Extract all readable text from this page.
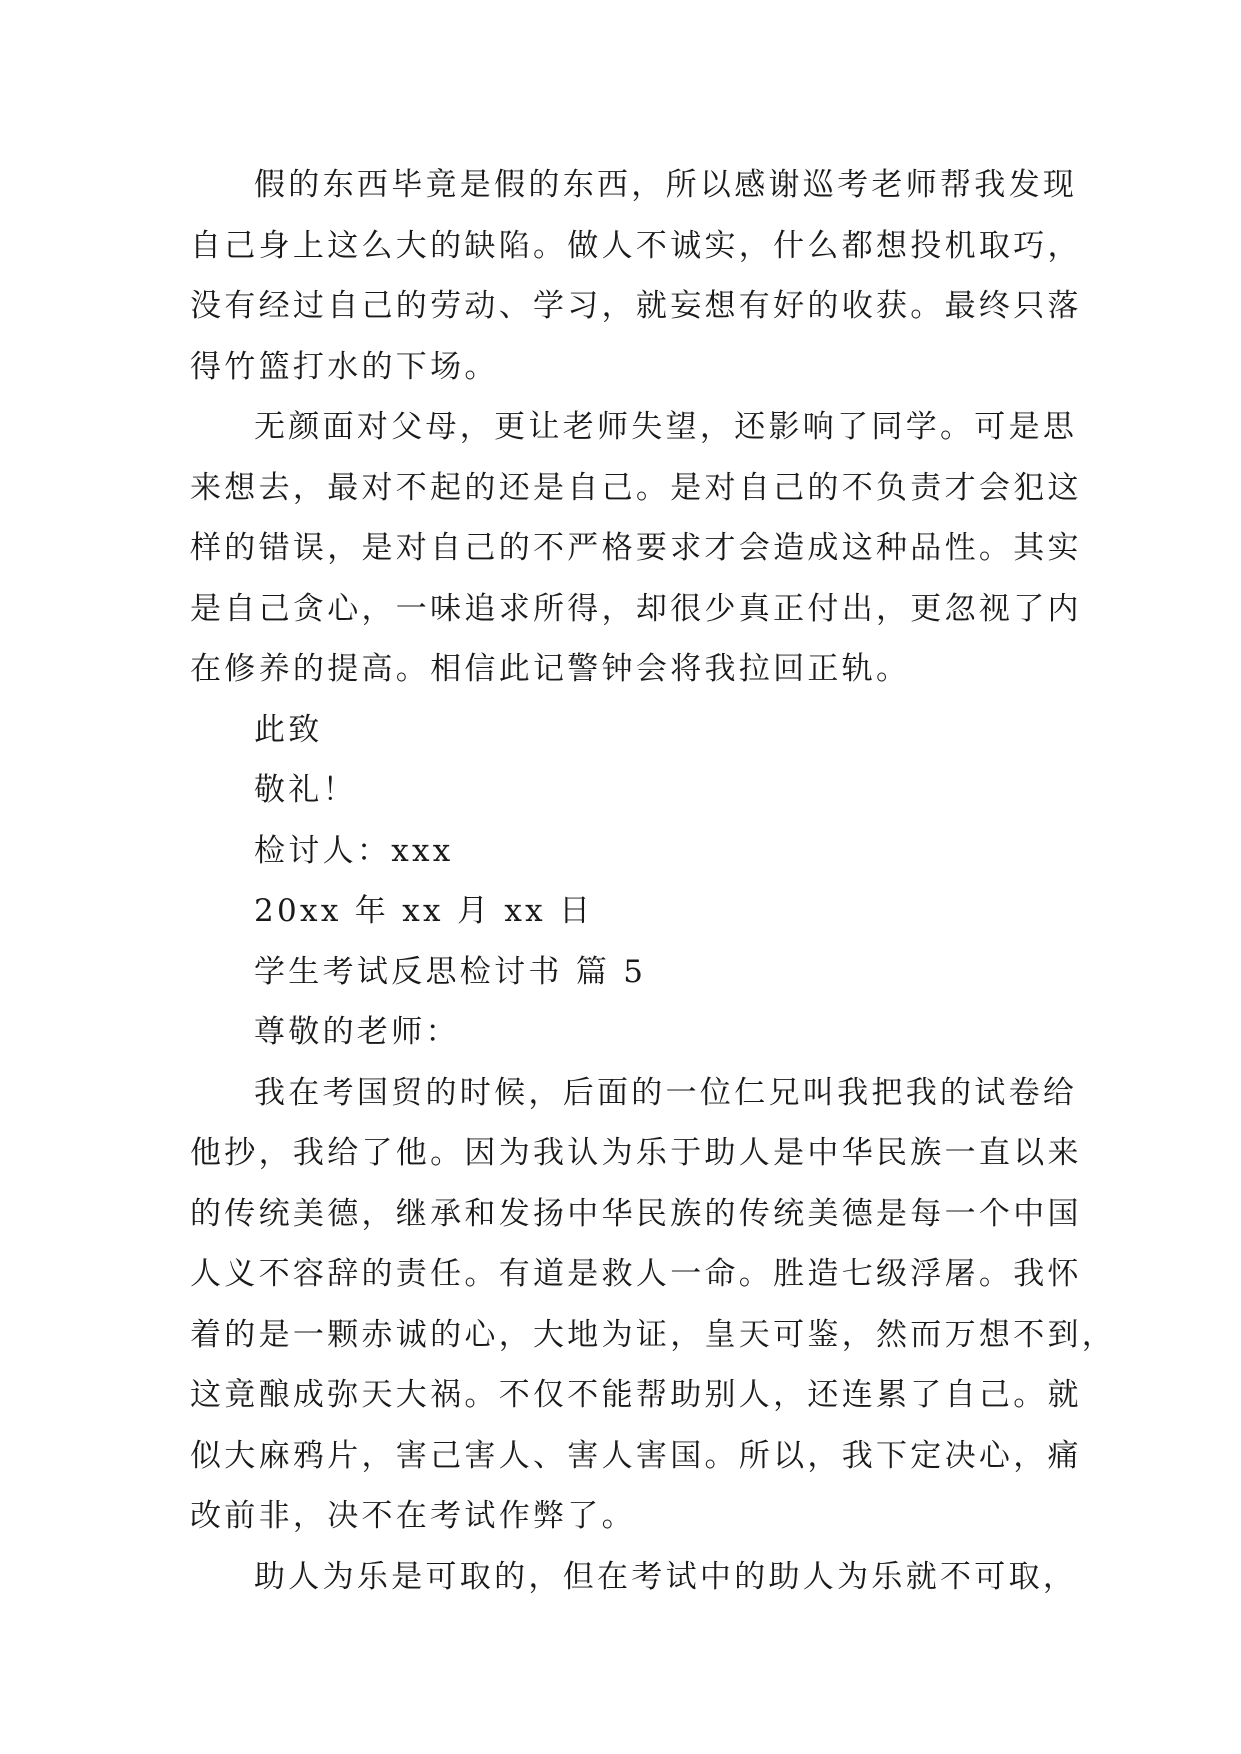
假的东西毕竟是假的东西，所以感谢巡考老师帮我发现
自己身上这么大的缺陷。做人不诚实，什么都想投机取巧，
没有经过自己的劳动、学习，就妄想有好的收获。最终只落
得竹篮打水的下场。
无颜面对父母，更让老师失望，还影响了同学。可是思
来想去，最对不起的还是自己。是对自己的不负责才会犯这
样的错误，是对自己的不严格要求才会造成这种品性。其实
是自己贪心，一味追求所得，却很少真正付出，更忽视了内
在修养的提高。相信此记警钟会将我拉回正轨。
此致
敬礼！
检讨人：xxx
20xx 年 xx 月 xx 日
学生考试反思检讨书 篇 5
尊敬的老师：
我在考国贸的时候，后面的一位仁兄叫我把我的试卷给
他抄，我给了他。因为我认为乐于助人是中华民族一直以来
的传统美德，继承和发扬中华民族的传统美德是每一个中国
人义不容辞的责任。有道是救人一命。胜造七级浮屠。我怀
着的是一颗赤诚的心，大地为证，皇天可鉴，然而万想不到，
这竟酿成弥天大祸。不仅不能帮助别人，还连累了自己。就
似大麻鸦片，害己害人、害人害国。所以，我下定决心，痛
改前非，决不在考试作弊了。
助人为乐是可取的，但在考试中的助人为乐就不可取，
